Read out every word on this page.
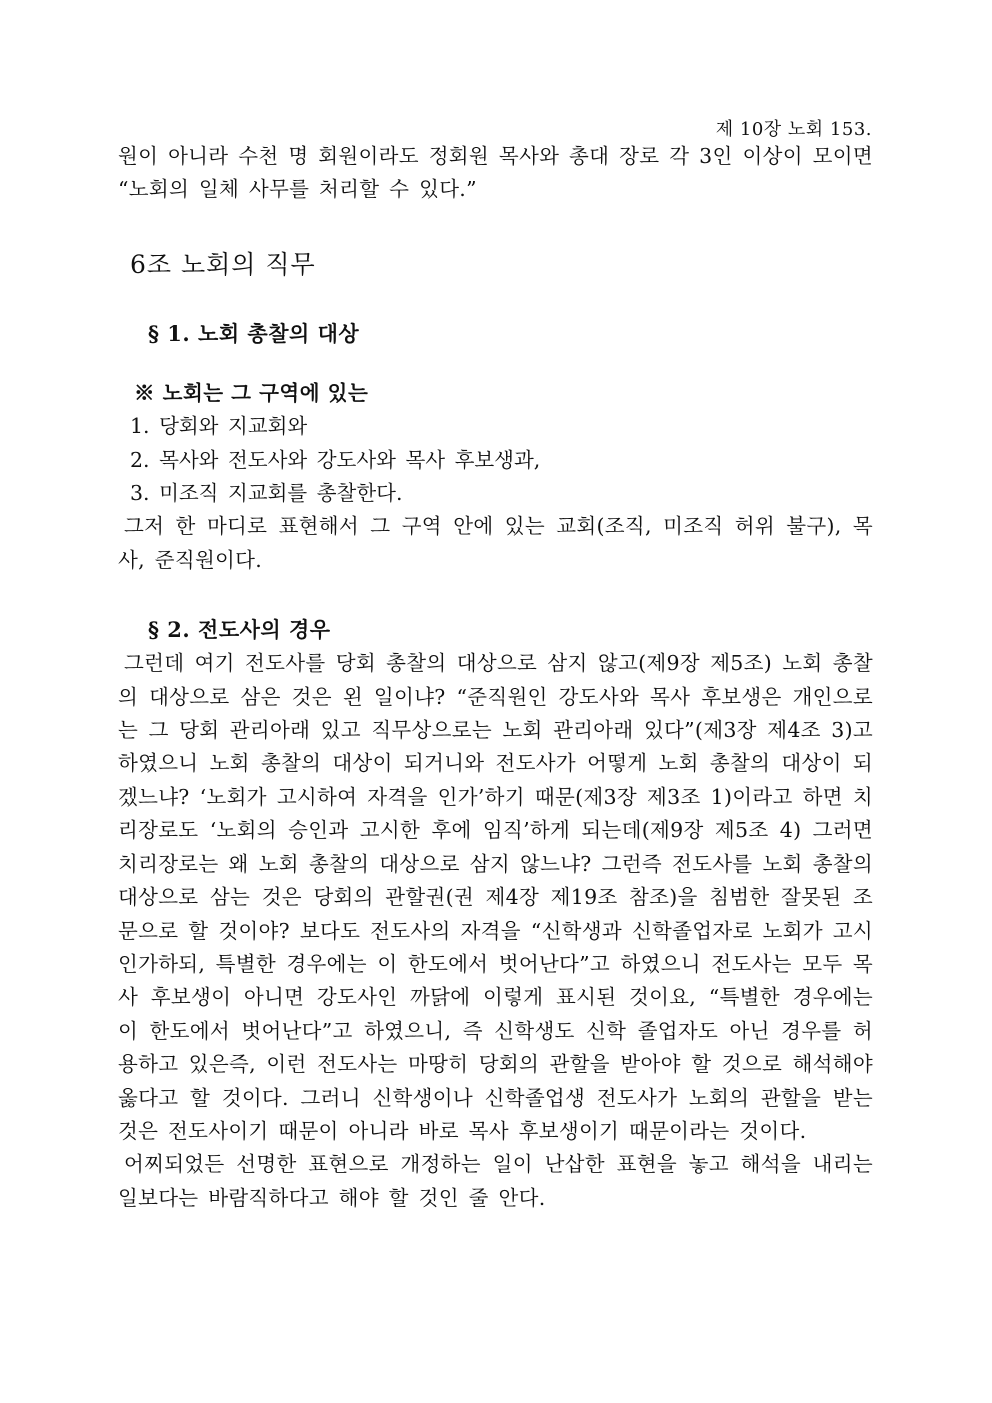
제 10장 노회 153.

원이 아니라 수천 명 회원이라도 정회원 목사와 총대 장로 각 3인 이상이 모이면 “노회의 일체 사무를 처리할 수 있다.”

6조 노회의 직무
§ 1. 노회 총찰의 대상
※ 노회는 그 구역에 있는
1. 당회와 지교회와
2. 목사와 전도사와 강도사와 목사 후보생과,
3. 미조직 지교회를 총찰한다.

그저 한 마디로 표현해서 그 구역 안에 있는 교회(조직, 미조직 허위 불구), 목사, 준직원이다.

§ 2. 전도사의 경우

그런데 여기 전도사를 당회 총찰의 대상으로 삼지 않고(제9장 제5조) 노회 총찰의 대상으로 삼은 것은 왼 일이냐? “준직원인 강도사와 목사 후보생은 개인으로는 그 당회 관리아래 있고 직무상으로는 노회 관리아래 있다”(제3장 제4조 3)고 하였으니 노회 총찰의 대상이 되거니와 전도사가 어떻게 노회 총찰의 대상이 되겠느냐? ‘노회가 고시하여 자격을 인가’하기 때문(제3장 제3조 1)이라고 하면 치리장로도 ‘노회의 승인과 고시한 후에 임직’하게 되는데(제9장 제5조 4) 그러면 치리장로는 왜 노회 총찰의 대상으로 삼지 않느냐? 그런즉 전도사를 노회 총찰의 대상으로 삼는 것은 당회의 관할권(권 제4장 제19조 참조)을 침범한 잘못된 조문으로 할 것이야? 보다도 전도사의 자격을 “신학생과 신학졸업자로 노회가 고시 인가하되, 특별한 경우에는 이 한도에서 벗어난다”고 하였으니 전도사는 모두 목사 후보생이 아니면 강도사인 까닭에 이렇게 표시된 것이요, “특별한 경우에는 이 한도에서 벗어난다”고 하였으니, 즉 신학생도 신학 졸업자도 아닌 경우를 허용하고 있은즉, 이런 전도사는 마땅히 당회의 관할을 받아야 할 것으로 해석해야 옳다고 할 것이다. 그러니 신학생이나 신학졸업생 전도사가 노회의 관할을 받는 것은 전도사이기 때문이 아니라 바로 목사 후보생이기 때문이라는 것이다.

어찌되었든 선명한 표현으로 개정하는 일이 난삽한 표현을 놓고 해석을 내리는 일보다는 바람직하다고 해야 할 것인 줄 안다.
